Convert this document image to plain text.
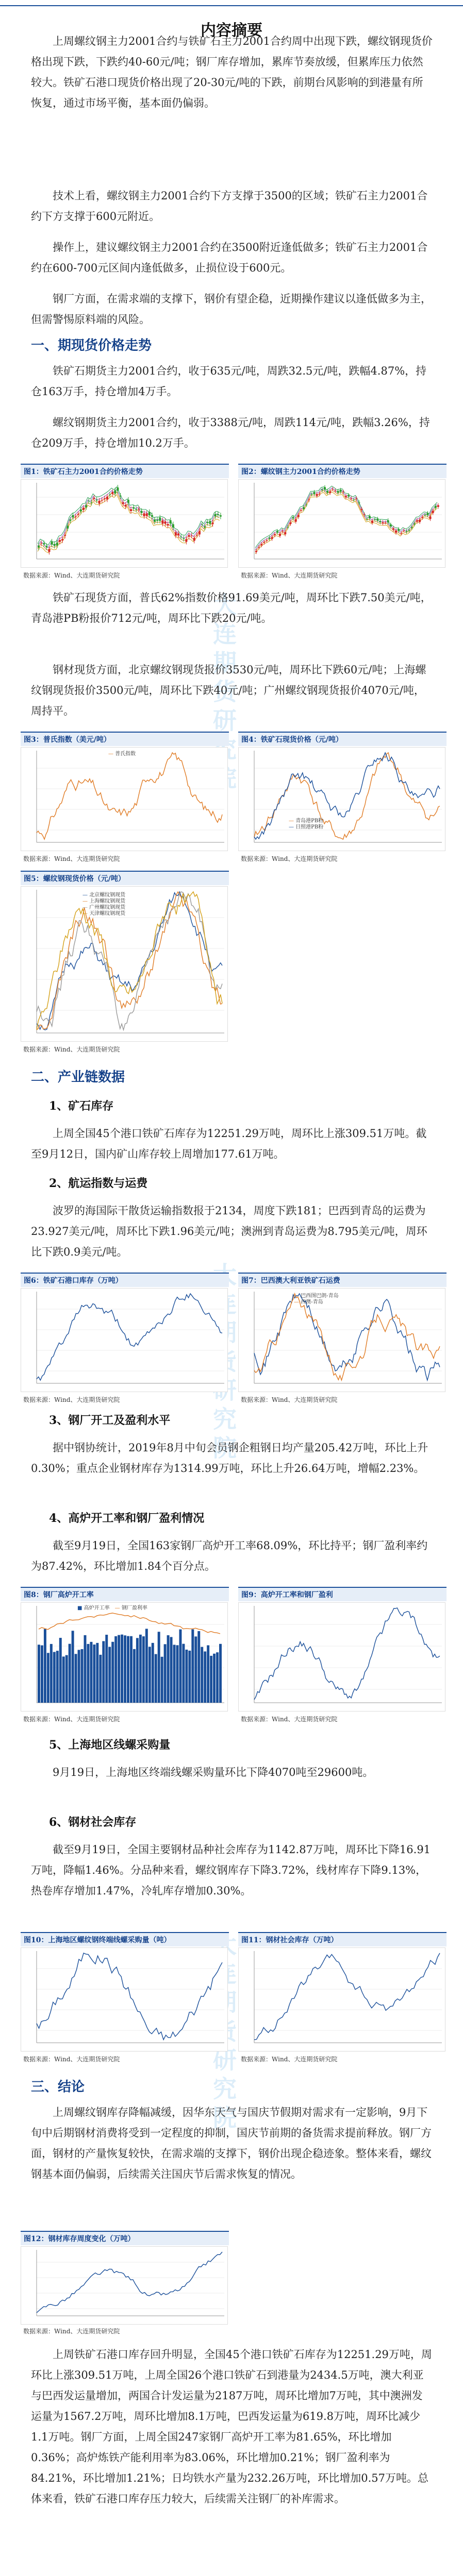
内容摘要
大连期货研究院

上周螺纹钢主力2001合约与铁矿石主力2001合约周中出现下跌，螺纹钢现货价格出现下跌，下跌约40-60元/吨；钢厂库存增加，累库节奏放缓，但累库压力依然较大。铁矿石港口现货价格出现了20-30元/吨的下跌，前期台风影响的到港量有所恢复，通过市场平衡，基本面仍偏弱。

技术上看，螺纹钢主力2001合约下方支撑于3500的区域；铁矿石主力2001合约下方支撑于600元附近。

操作上，建议螺纹钢主力2001合约在3500附近逢低做多；铁矿石主力2001合约在600-700元区间内逢低做多，止损位设于600元。

钢厂方面，在需求端的支撑下，钢价有望企稳，近期操作建议以逢低做多为主，但需警惕原料端的风险。

一、期现货价格走势

铁矿石期货主力2001合约，收于635元/吨，周跌32.5元/吨，跌幅4.87%，持仓163万手，持仓增加4万手。

螺纹钢期货主力2001合约，收于3388元/吨，周跌114元/吨，跌幅3.26%，持仓209万手，持仓增加10.2万手。

图1：铁矿石主力2001合约价格走势	图2：螺纹钢主力2001合约价格走势
数据来源：Wind、大连期货研究院	数据来源：Wind、大连期货研究院

铁矿石现货方面，普氏62%指数价格91.69美元/吨，周环比下跌7.50美元/吨，青岛港PB粉报价712元/吨，周环比下跌20元/吨。

钢材现货方面，北京螺纹钢现货报价3530元/吨，周环比下跌60元/吨；上海螺纹钢现货报价3500元/吨，周环比下跌40元/吨；广州螺纹钢现货报价4070元/吨，周持平。

图3：普氏指数（美元/吨）	图4：铁矿石现货价格（元/吨）
— 普氏指数
— 青岛港PB粉
— 日照港PB粉
数据来源：Wind、大连期货研究院	数据来源：Wind、大连期货研究院
图5：螺纹钢现货价格（元/吨）
— 北京螺纹钢现货
— 上海螺纹钢现货
— 广州螺纹钢现货
— 天津螺纹钢现货
数据来源：Wind、大连期货研究院
二、产业链数据
1、矿石库存

上周全国45个港口铁矿石库存为12251.29万吨，周环比上涨309.51万吨。截至9月12日，国内矿山库存较上周增加177.61万吨。

2、航运指数与运费

波罗的海国际干散货运输指数报于2134，周度下跌181；巴西到青岛的运费为23.927美元/吨，周环比下跌1.96美元/吨；澳洲到青岛运费为8.795美元/吨，周环比下跌0.9美元/吨。

图6：铁矿石港口库存（万吨）	图7：巴西澳大利亚铁矿石运费
— 巴西图巴朗-青岛
— 西澳-青岛
数据来源：Wind、大连期货研究院	数据来源：Wind、大连期货研究院
3、钢厂开工及盈利水平

据中钢协统计，2019年8月中旬会员钢企粗钢日均产量205.42万吨，环比上升0.30%；重点企业钢材库存为1314.99万吨，环比上升26.64万吨，增幅2.23%。

4、高炉开工率和钢厂盈利情况

截至9月19日，全国163家钢厂高炉开工率68.09%，环比持平；钢厂盈利率约为87.42%，环比增加1.84个百分点。

图8：钢厂高炉开工率	图9：高炉开工率和钢厂盈利
■ 高炉开工率　 — 钢厂盈利率
数据来源：Wind、大连期货研究院	数据来源：Wind、大连期货研究院
5、上海地区线螺采购量

9月19日，上海地区终端线螺采购量环比下降4070吨至29600吨。

6、钢材社会库存

截至9月19日，全国主要钢材品种社会库存为1142.87万吨，周环比下降16.91万吨，降幅1.46%。分品种来看，螺纹钢库存下降3.72%，线材库存下降9.13%，热卷库存增加1.47%，冷轧库存增加0.30%。

图10：上海地区螺纹钢终端线螺采购量（吨）	图11：钢材社会库存（万吨）
数据来源：Wind、大连期货研究院	数据来源：Wind、大连期货研究院
三、结论

上周螺纹钢库存降幅减缓，因华东天气与国庆节假期对需求有一定影响，9月下旬中后期钢材消费将受到一定程度的抑制，国庆节前期的备货需求提前释放。钢厂方面，钢材的产量恢复较快，在需求端的支撑下，钢价出现企稳迹象。整体来看，螺纹钢基本面仍偏弱，后续需关注国庆节后需求恢复的情况。

图12：钢材库存周度变化（万吨）
数据来源：Wind、大连期货研究院

上周铁矿石港口库存回升明显，全国45个港口铁矿石库存为12251.29万吨，周环比上涨309.51万吨，上周全国26个港口铁矿石到港量为2434.5万吨，澳大利亚与巴西发运量增加，两国合计发运量为2187万吨，周环比增加7万吨，其中澳洲发运量为1567.2万吨，周环比增加8.1万吨，巴西发运量为619.8万吨，周环比减少1.1万吨。钢厂方面，上周全国247家钢厂高炉开工率为81.65%，环比增加0.36%；高炉炼铁产能利用率为83.06%，环比增加0.21%；钢厂盈利率为84.21%，环比增加1.21%；日均铁水产量为232.26万吨，环比增加0.57万吨。总体来看，铁矿石港口库存压力较大，后续需关注钢厂的补库需求。
